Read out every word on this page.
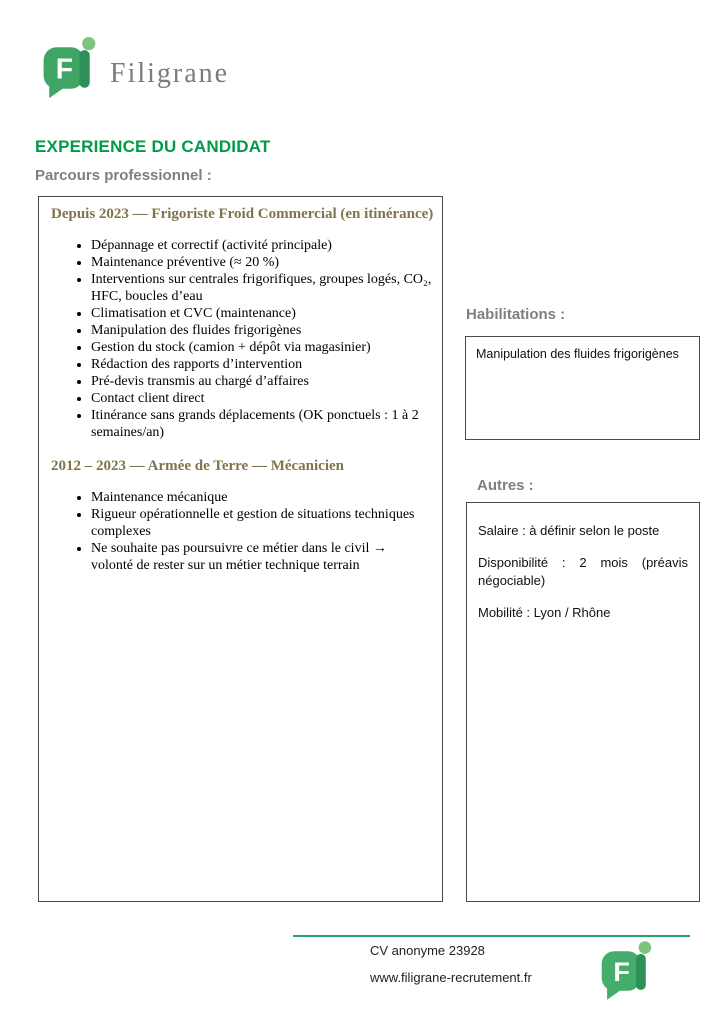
F Filigrane
EXPERIENCE DU CANDIDAT
Parcours professionnel :
Depuis 2023 — Frigoriste Froid Commercial (en itinérance)
• Dépannage et correctif (activité principale)
• Maintenance préventive (≈ 20 %)
• Interventions sur centrales frigorifiques, groupes logés, CO₂, HFC, boucles d’eau
• Climatisation et CVC (maintenance)
• Manipulation des fluides frigorigènes
• Gestion du stock (camion + dépôt via magasinier)
• Rédaction des rapports d’intervention
• Pré-devis transmis au chargé d’affaires
• Contact client direct
• Itinérance sans grands déplacements (OK ponctuels : 1 à 2 semaines/an)
2012 – 2023 — Armée de Terre — Mécanicien
• Maintenance mécanique
• Rigueur opérationnelle et gestion de situations techniques complexes
• Ne souhaite pas poursuivre ce métier dans le civil → volonté de rester sur un métier technique terrain
Habilitations :

Manipulation des fluides frigorigènes

Autres :

Salaire : à définir selon le poste

Disponibilité : 2 mois (préavis négociable)

Mobilité : Lyon / Rhône

CV anonyme 23928

www.filigrane-recrutement.fr	F
